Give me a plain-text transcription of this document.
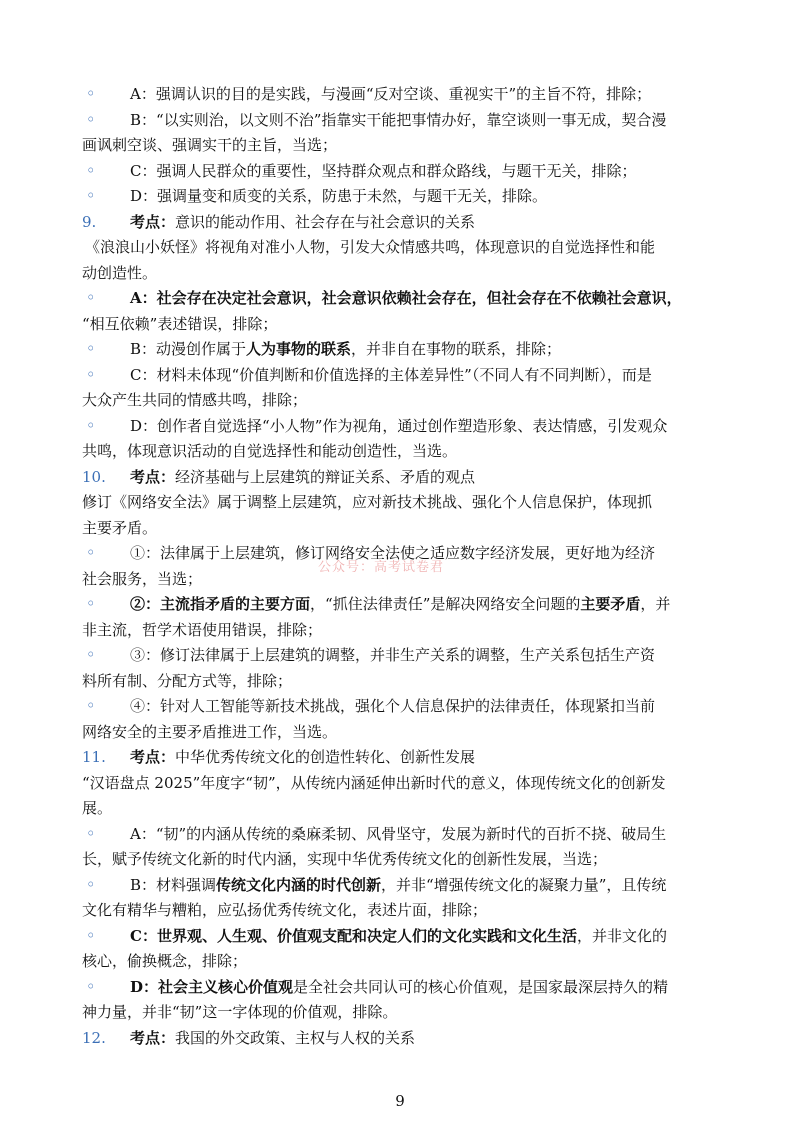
◦ A：强调认识的目的是实践，与漫画“反对空谈、重视实干”的主旨不符，排除；
◦ B：“以实则治，以文则不治”指靠实干能把事情办好，靠空谈则一事无成，契合漫
画讽刺空谈、强调实干的主旨，当选；
◦ C：强调人民群众的重要性，坚持群众观点和群众路线，与题干无关，排除；
◦ D：强调量变和质变的关系，防患于未然，与题干无关，排除。
9. 考点：意识的能动作用、社会存在与社会意识的关系
《浪浪山小妖怪》将视角对准小人物，引发大众情感共鸣，体现意识的自觉选择性和能
动创造性。
◦ A：社会存在决定社会意识，社会意识依赖社会存在，但社会存在不依赖社会意识，
“相互依赖”表述错误，排除；
◦ B：动漫创作属于人为事物的联系，并非自在事物的联系，排除；
◦ C：材料未体现“价值判断和价值选择的主体差异性”（不同人有不同判断），而是
大众产生共同的情感共鸣，排除；
◦ D：创作者自觉选择“小人物”作为视角，通过创作塑造形象、表达情感，引发观众
共鸣，体现意识活动的自觉选择性和能动创造性，当选。
10. 考点：经济基础与上层建筑的辩证关系、矛盾的观点
修订《网络安全法》属于调整上层建筑，应对新技术挑战、强化个人信息保护，体现抓
主要矛盾。
◦ ①：法律属于上层建筑，修订网络安全法使之适应数字经济发展，更好地为经济
社会服务，当选；
◦ ②：主流指矛盾的主要方面，“抓住法律责任”是解决网络安全问题的主要矛盾，并
非主流，哲学术语使用错误，排除；
◦ ③：修订法律属于上层建筑的调整，并非生产关系的调整，生产关系包括生产资
料所有制、分配方式等，排除；
◦ ④：针对人工智能等新技术挑战，强化个人信息保护的法律责任，体现紧扣当前
网络安全的主要矛盾推进工作，当选。
11. 考点：中华优秀传统文化的创造性转化、创新性发展
“汉语盘点 2025”年度字“韧”，从传统内涵延伸出新时代的意义，体现传统文化的创新发
展。
◦ A：“韧”的内涵从传统的桑麻柔韧、风骨坚守，发展为新时代的百折不挠、破局生
长，赋予传统文化新的时代内涵，实现中华优秀传统文化的创新性发展，当选；
◦ B：材料强调传统文化内涵的时代创新，并非“增强传统文化的凝聚力量”，且传统
文化有精华与糟粕，应弘扬优秀传统文化，表述片面，排除；
◦ C：世界观、人生观、价值观支配和决定人们的文化实践和文化生活，并非文化的
核心，偷换概念，排除；
◦ D：社会主义核心价值观是全社会共同认可的核心价值观，是国家最深层持久的精
神力量，并非“韧”这一字体现的价值观，排除。
12. 考点：我国的外交政策、主权与人权的关系
公众号：高考试卷君
9
